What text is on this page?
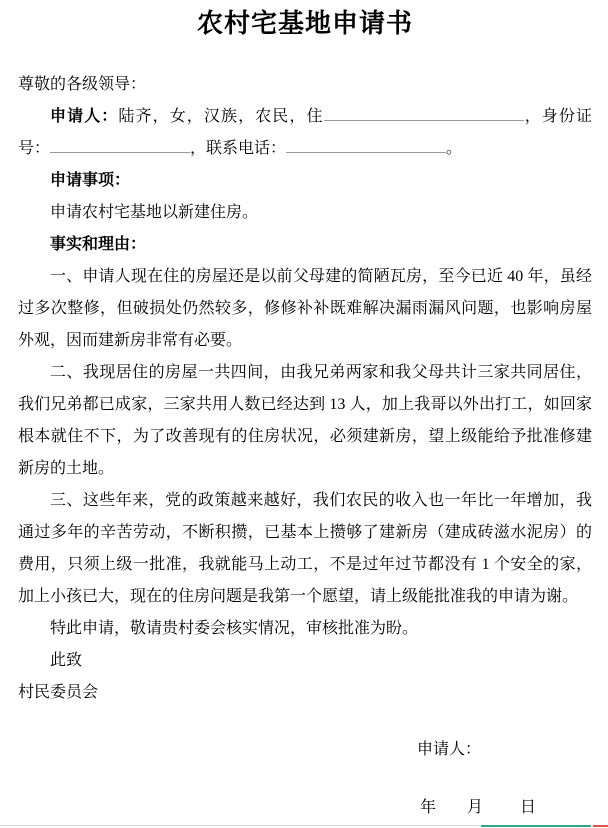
农村宅基地申请书

尊敬的各级领导：

申请人：陆齐，女，汉族，农民，住	，身份证号：	，联系电话：	。

申请事项：

申请农村宅基地以新建住房。

事实和理由：

一、申请人现在住的房屋还是以前父母建的简陋瓦房，至今已近 40 年，虽经过多次整修，但破损处仍然较多，修修补补既难解决漏雨漏风问题，也影响房屋外观，因而建新房非常有必要。

二、我现居住的房屋一共四间，由我兄弟两家和我父母共计三家共同居住，我们兄弟都已成家，三家共用人数已经达到 13 人，加上我哥以外出打工，如回家根本就住不下，为了改善现有的住房状况，必须建新房，望上级能给予批准修建新房的土地。

三、这些年来，党的政策越来越好，我们农民的收入也一年比一年增加，我通过多年的辛苦劳动，不断积攒，已基本上攒够了建新房（建成砖滋水泥房）的费用，只须上级一批准，我就能马上动工，不是过年过节都没有 1 个安全的家，加上小孩已大，现在的住房问题是我第一个愿望，请上级能批准我的申请为谢。

特此申请，敬请贵村委会核实情况，审核批准为盼。

此致

村民委员会

申请人：

年 月 日
